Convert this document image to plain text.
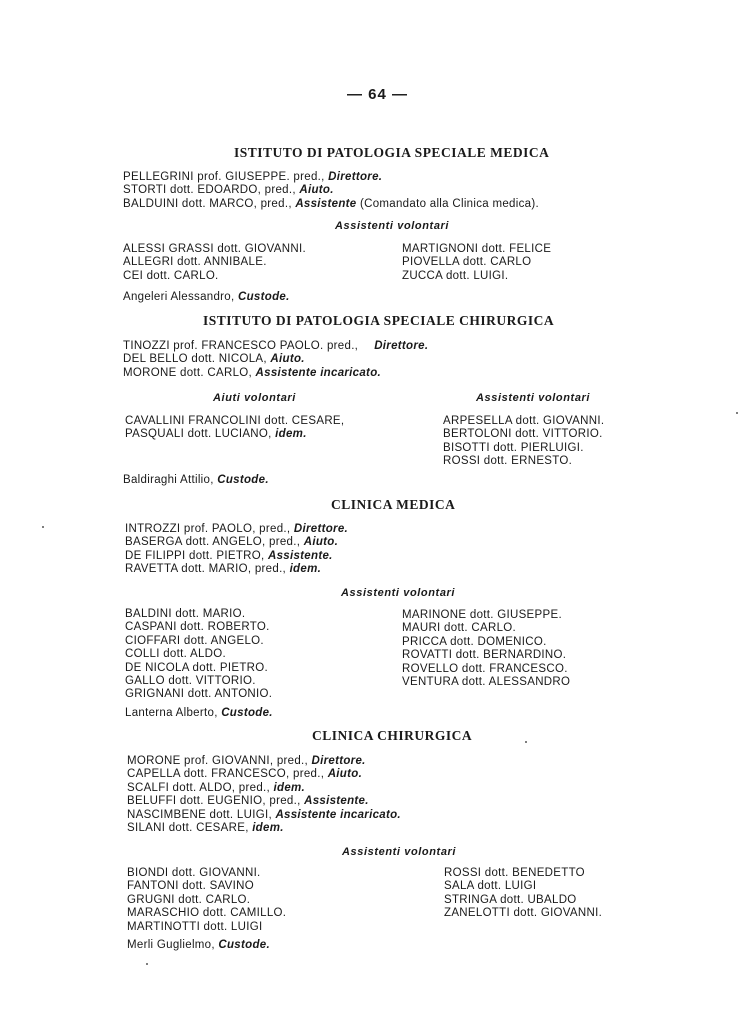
— 64 —
ISTITUTO DI PATOLOGIA SPECIALE MEDICA
PELLEGRINI prof. GIUSEPPE. pred., Direttore.
STORTI dott. EDOARDO, pred., Aiuto.
BALDUINI dott. MARCO, pred., Assistente (Comandato alla Clinica medica).
Assistenti volontari
ALESSI GRASSI dott. GIOVANNI.
ALLEGRI dott. ANNIBALE.
CEI dott. CARLO.
MARTIGNONI dott. FELICE
PIOVELLA dott. CARLO
ZUCCA dott. LUIGI.
Angeleri Alessandro, Custode.
ISTITUTO DI PATOLOGIA SPECIALE CHIRURGICA
TINOZZI prof. FRANCESCO PAOLO. pred., Direttore.
DEL BELLO dott. NICOLA, Aiuto.
MORONE dott. CARLO, Assistente incaricato.
Aiuti volontari	Assistenti volontari
CAVALLINI FRANCOLINI dott. CESARE,
PASQUALI dott. LUCIANO, idem.
ARPESELLA dott. GIOVANNI.
BERTOLONI dott. VITTORIO.
BISOTTI dott. PIERLUIGI.
ROSSI dott. ERNESTO.
Baldiraghi Attilio, Custode.
CLINICA MEDICA
INTROZZI prof. PAOLO, pred., Direttore.
BASERGA dott. ANGELO, pred., Aiuto.
DE FILIPPI dott. PIETRO, Assistente.
RAVETTA dott. MARIO, pred., idem.
Assistenti volontari
BALDINI dott. MARIO.
CASPANI dott. ROBERTO.
CIOFFARI dott. ANGELO.
COLLI dott. ALDO.
DE NICOLA dott. PIETRO.
GALLO dott. VITTORIO.
GRIGNANI dott. ANTONIO.
MARINONE dott. GIUSEPPE.
MAURI dott. CARLO.
PRICCA dott. DOMENICO.
ROVATTI dott. BERNARDINO.
ROVELLO dott. FRANCESCO.
VENTURA dott. ALESSANDRO
Lanterna Alberto, Custode.
CLINICA CHIRURGICA
MORONE prof. GIOVANNI, pred., Direttore.
CAPELLA dott. FRANCESCO, pred., Aiuto.
SCALFI dott. ALDO, pred., idem.
BELUFFI dott. EUGENIO, pred., Assistente.
NASCIMBENE dott. LUIGI, Assistente incaricato.
SILANI dott. CESARE, idem.
Assistenti volontari
BIONDI dott. GIOVANNI.
FANTONI dott. SAVINO
GRUGNI dott. CARLO.
MARASCHIO dott. CAMILLO.
MARTINOTTI dott. LUIGI
ROSSI dott. BENEDETTO
SALA dott. LUIGI
STRINGA dott. UBALDO
ZANELOTTI dott. GIOVANNI.
Merli Guglielmo, Custode.
